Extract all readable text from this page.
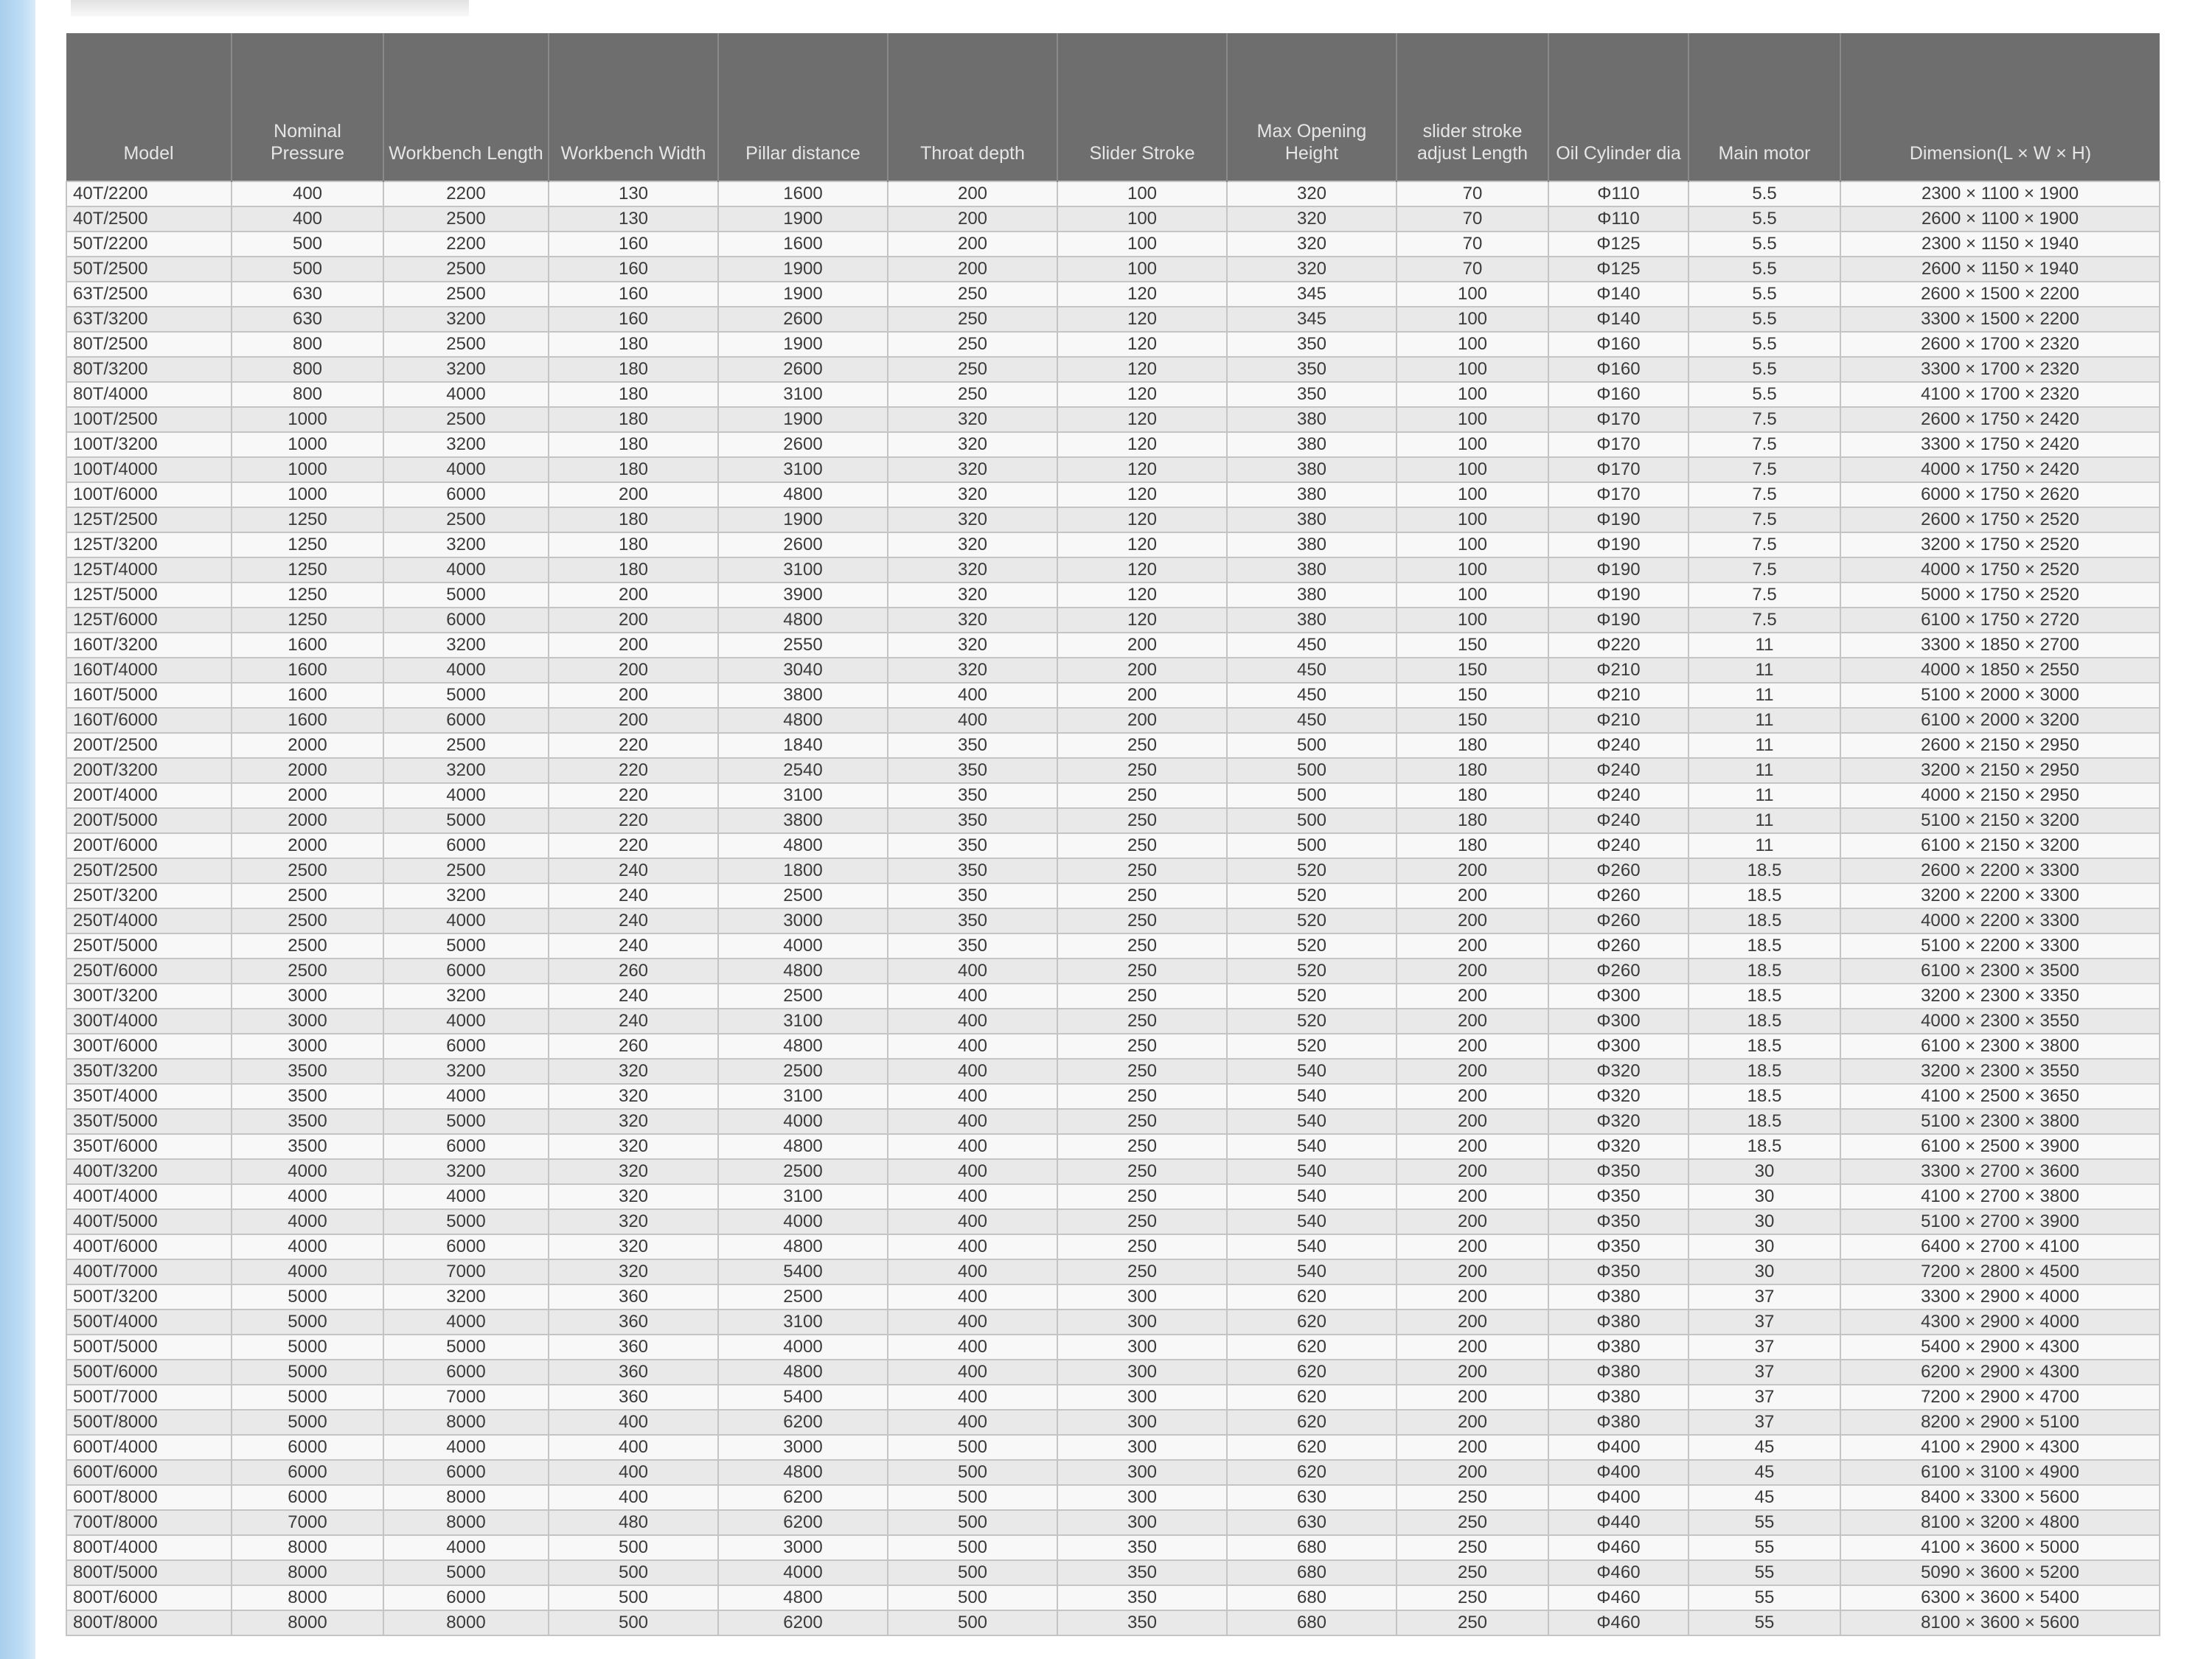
Model	Nominal Pressure	Workbench Length	Workbench Width	Pillar distance	Throat depth	Slider Stroke	Max Opening Height	slider stroke adjust Length	Oil Cylinder dia	Main motor	Dimension(L × W × H)
40T/2200	400	2200	130	1600	200	100	320	70	Φ110	5.5	2300 × 1100 × 1900
40T/2500	400	2500	130	1900	200	100	320	70	Φ110	5.5	2600 × 1100 × 1900
50T/2200	500	2200	160	1600	200	100	320	70	Φ125	5.5	2300 × 1150 × 1940
50T/2500	500	2500	160	1900	200	100	320	70	Φ125	5.5	2600 × 1150 × 1940
63T/2500	630	2500	160	1900	250	120	345	100	Φ140	5.5	2600 × 1500 × 2200
63T/3200	630	3200	160	2600	250	120	345	100	Φ140	5.5	3300 × 1500 × 2200
80T/2500	800	2500	180	1900	250	120	350	100	Φ160	5.5	2600 × 1700 × 2320
80T/3200	800	3200	180	2600	250	120	350	100	Φ160	5.5	3300 × 1700 × 2320
80T/4000	800	4000	180	3100	250	120	350	100	Φ160	5.5	4100 × 1700 × 2320
100T/2500	1000	2500	180	1900	320	120	380	100	Φ170	7.5	2600 × 1750 × 2420
100T/3200	1000	3200	180	2600	320	120	380	100	Φ170	7.5	3300 × 1750 × 2420
100T/4000	1000	4000	180	3100	320	120	380	100	Φ170	7.5	4000 × 1750 × 2420
100T/6000	1000	6000	200	4800	320	120	380	100	Φ170	7.5	6000 × 1750 × 2620
125T/2500	1250	2500	180	1900	320	120	380	100	Φ190	7.5	2600 × 1750 × 2520
125T/3200	1250	3200	180	2600	320	120	380	100	Φ190	7.5	3200 × 1750 × 2520
125T/4000	1250	4000	180	3100	320	120	380	100	Φ190	7.5	4000 × 1750 × 2520
125T/5000	1250	5000	200	3900	320	120	380	100	Φ190	7.5	5000 × 1750 × 2520
125T/6000	1250	6000	200	4800	320	120	380	100	Φ190	7.5	6100 × 1750 × 2720
160T/3200	1600	3200	200	2550	320	200	450	150	Φ220	11	3300 × 1850 × 2700
160T/4000	1600	4000	200	3040	320	200	450	150	Φ210	11	4000 × 1850 × 2550
160T/5000	1600	5000	200	3800	400	200	450	150	Φ210	11	5100 × 2000 × 3000
160T/6000	1600	6000	200	4800	400	200	450	150	Φ210	11	6100 × 2000 × 3200
200T/2500	2000	2500	220	1840	350	250	500	180	Φ240	11	2600 × 2150 × 2950
200T/3200	2000	3200	220	2540	350	250	500	180	Φ240	11	3200 × 2150 × 2950
200T/4000	2000	4000	220	3100	350	250	500	180	Φ240	11	4000 × 2150 × 2950
200T/5000	2000	5000	220	3800	350	250	500	180	Φ240	11	5100 × 2150 × 3200
200T/6000	2000	6000	220	4800	350	250	500	180	Φ240	11	6100 × 2150 × 3200
250T/2500	2500	2500	240	1800	350	250	520	200	Φ260	18.5	2600 × 2200 × 3300
250T/3200	2500	3200	240	2500	350	250	520	200	Φ260	18.5	3200 × 2200 × 3300
250T/4000	2500	4000	240	3000	350	250	520	200	Φ260	18.5	4000 × 2200 × 3300
250T/5000	2500	5000	240	4000	350	250	520	200	Φ260	18.5	5100 × 2200 × 3300
250T/6000	2500	6000	260	4800	400	250	520	200	Φ260	18.5	6100 × 2300 × 3500
300T/3200	3000	3200	240	2500	400	250	520	200	Φ300	18.5	3200 × 2300 × 3350
300T/4000	3000	4000	240	3100	400	250	520	200	Φ300	18.5	4000 × 2300 × 3550
300T/6000	3000	6000	260	4800	400	250	520	200	Φ300	18.5	6100 × 2300 × 3800
350T/3200	3500	3200	320	2500	400	250	540	200	Φ320	18.5	3200 × 2300 × 3550
350T/4000	3500	4000	320	3100	400	250	540	200	Φ320	18.5	4100 × 2500 × 3650
350T/5000	3500	5000	320	4000	400	250	540	200	Φ320	18.5	5100 × 2300 × 3800
350T/6000	3500	6000	320	4800	400	250	540	200	Φ320	18.5	6100 × 2500 × 3900
400T/3200	4000	3200	320	2500	400	250	540	200	Φ350	30	3300 × 2700 × 3600
400T/4000	4000	4000	320	3100	400	250	540	200	Φ350	30	4100 × 2700 × 3800
400T/5000	4000	5000	320	4000	400	250	540	200	Φ350	30	5100 × 2700 × 3900
400T/6000	4000	6000	320	4800	400	250	540	200	Φ350	30	6400 × 2700 × 4100
400T/7000	4000	7000	320	5400	400	250	540	200	Φ350	30	7200 × 2800 × 4500
500T/3200	5000	3200	360	2500	400	300	620	200	Φ380	37	3300 × 2900 × 4000
500T/4000	5000	4000	360	3100	400	300	620	200	Φ380	37	4300 × 2900 × 4000
500T/5000	5000	5000	360	4000	400	300	620	200	Φ380	37	5400 × 2900 × 4300
500T/6000	5000	6000	360	4800	400	300	620	200	Φ380	37	6200 × 2900 × 4300
500T/7000	5000	7000	360	5400	400	300	620	200	Φ380	37	7200 × 2900 × 4700
500T/8000	5000	8000	400	6200	400	300	620	200	Φ380	37	8200 × 2900 × 5100
600T/4000	6000	4000	400	3000	500	300	620	200	Φ400	45	4100 × 2900 × 4300
600T/6000	6000	6000	400	4800	500	300	620	200	Φ400	45	6100 × 3100 × 4900
600T/8000	6000	8000	400	6200	500	300	630	250	Φ400	45	8400 × 3300 × 5600
700T/8000	7000	8000	480	6200	500	300	630	250	Φ440	55	8100 × 3200 × 4800
800T/4000	8000	4000	500	3000	500	350	680	250	Φ460	55	4100 × 3600 × 5000
800T/5000	8000	5000	500	4000	500	350	680	250	Φ460	55	5090 × 3600 × 5200
800T/6000	8000	6000	500	4800	500	350	680	250	Φ460	55	6300 × 3600 × 5400
800T/8000	8000	8000	500	6200	500	350	680	250	Φ460	55	8100 × 3600 × 5600
